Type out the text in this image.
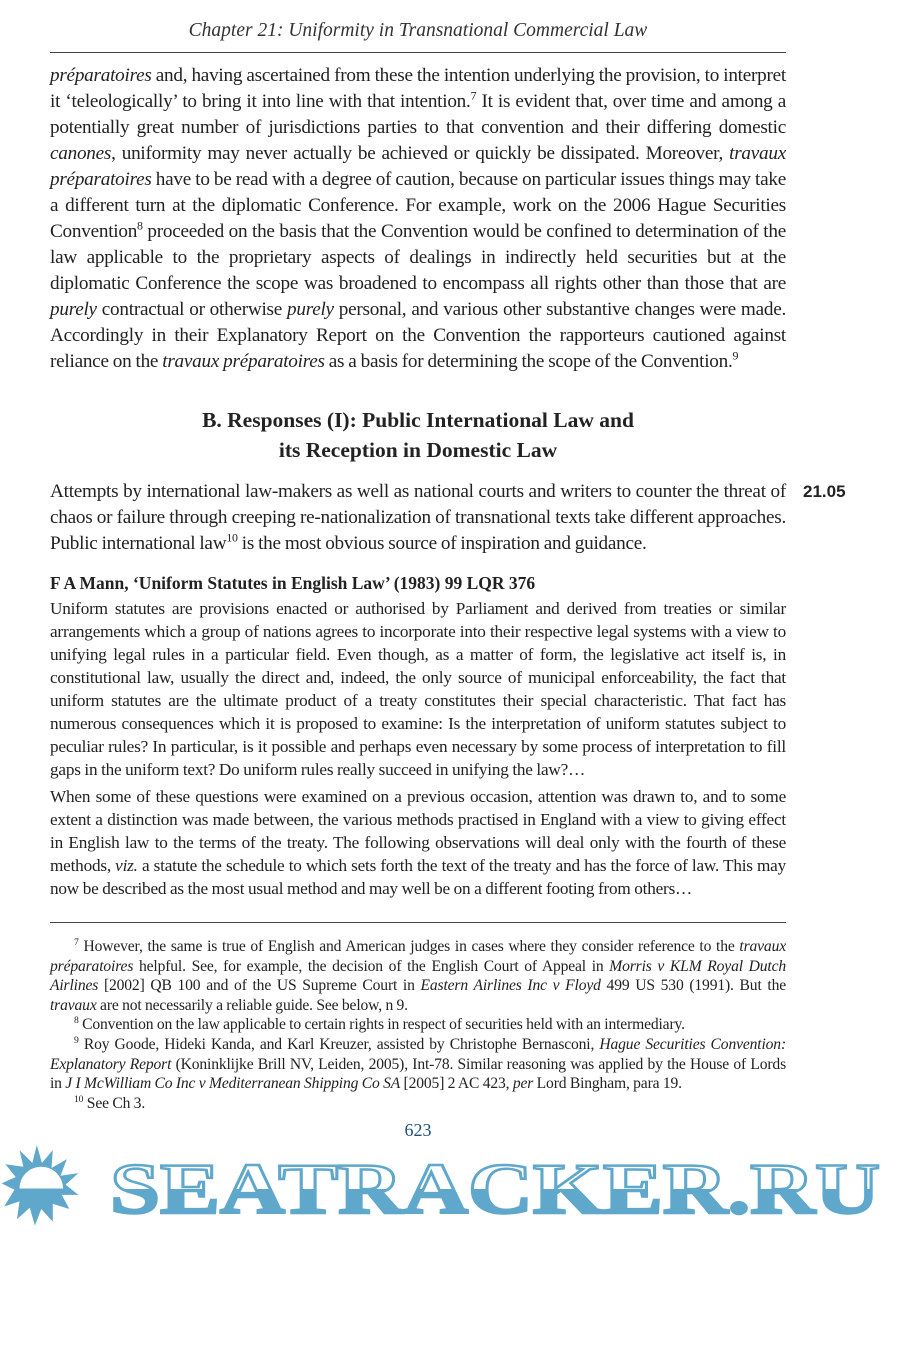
Chapter 21: Uniformity in Transnational Commercial Law

préparatoires and, having ascertained from these the intention underlying the provision, to interpret it ‘teleologically’ to bring it into line with that intention.$^7$ It is evident that, over time and among a potentially great number of jurisdictions parties to that convention and their differing domestic canones, uniformity may never actually be achieved or quickly be dissipated. Moreover, travaux préparatoires have to be read with a degree of caution, because on particular issues things may take a different turn at the diplomatic Conference. For example, work on the 2006 Hague Securities Convention$^8$ proceeded on the basis that the Convention would be confined to determination of the law applicable to the proprietary aspects of dealings in indirectly held securities but at the diplomatic Conference the scope was broadened to encompass all rights other than those that are purely contractual or otherwise purely personal, and various other substantive changes were made. Accordingly in their Explanatory Report on the Convention the rapporteurs cautioned against reliance on the travaux préparatoires as a basis for determining the scope of the Convention.$^9$

B. Responses (I): Public International Law and
its Reception in Domestic Law
21.05

Attempts by international law-makers as well as national courts and writers to counter the threat of chaos or failure through creeping re-nationalization of transnational texts take different approaches. Public international law$^{10}$ is the most obvious source of inspiration and guidance.

F A Mann, ‘Uniform Statutes in English Law’ (1983) 99 LQR 376

Uniform statutes are provisions enacted or authorised by Parliament and derived from treaties or similar arrangements which a group of nations agrees to incorporate into their respective legal systems with a view to unifying legal rules in a particular field. Even though, as a matter of form, the legislative act itself is, in constitutional law, usually the direct and, indeed, the only source of municipal enforceability, the fact that uniform statutes are the ultimate product of a treaty constitutes their special characteristic. That fact has numerous consequences which it is proposed to examine: Is the interpretation of uniform statutes subject to peculiar rules? In particular, is it possible and perhaps even necessary by some process of interpretation to fill gaps in the uniform text? Do uniform rules really succeed in unifying the law?…

When some of these questions were examined on a previous occasion, attention was drawn to, and to some extent a distinction was made between, the various methods practised in England with a view to giving effect in English law to the terms of the treaty. The following observations will deal only with the fourth of these methods, viz. a statute the schedule to which sets forth the text of the treaty and has the force of law. This may now be described as the most usual method and may well be on a different footing from others…

$^7$ However, the same is true of English and American judges in cases where they consider reference to the travaux préparatoires helpful. See, for example, the decision of the English Court of Appeal in Morris v KLM Royal Dutch Airlines [2002] QB 100 and of the US Supreme Court in Eastern Airlines Inc v Floyd 499 US 530 (1991). But the travaux are not necessarily a reliable guide. See below, n 9.

$^8$ Convention on the law applicable to certain rights in respect of securities held with an intermediary.

$^9$ Roy Goode, Hideki Kanda, and Karl Kreuzer, assisted by Christophe Bernasconi, Hague Securities Convention: Explanatory Report (Koninklijke Brill NV, Leiden, 2005), Int-78. Similar reasoning was applied by the House of Lords in J I McWilliam Co Inc v Mediterranean Shipping Co SA [2005] 2 AC 423, per Lord Bingham, para 19.

$^{10}$ See Ch 3.

623
SEATRACKER.RU
